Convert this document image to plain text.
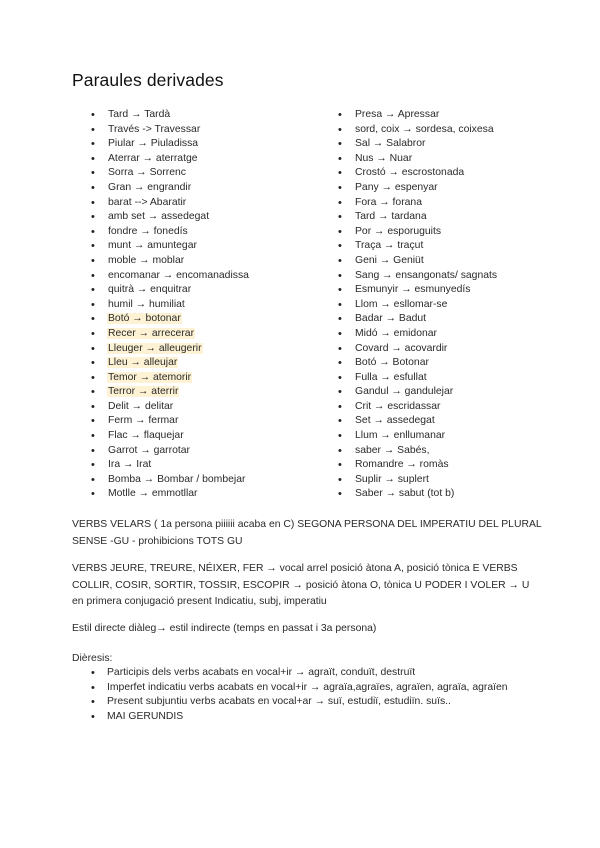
Paraules derivades
• Tard → Tardà
• Través -> Travessar
• Piular → Piuladissa
• Aterrar → aterratge
• Sorra → Sorrenc
• Gran → engrandir
• barat --> Abaratir
• amb set → assedegat
• fondre → fonedís
• munt → amuntegar
• moble → moblar
• encomanar → encomanadissa
• quitrà → enquitrar
• humil → humiliat
• Botó → botonar
• Recer → arrecerar
• Lleuger → alleugerir
• Lleu → alleujar
• Temor → atemorir
• Terror → aterrir
• Delit → delitar
• Ferm → fermar
• Flac → flaquejar
• Garrot → garrotar
• Ira → Irat
• Bomba → Bombar / bombejar
• Motlle → emmotllar
• Presa → Apressar
• sord, coix → sordesa, coixesa
• Sal → Salabror
• Nus → Nuar
• Crostó → escrostonada
• Pany → espenyar
• Fora → forana
• Tard → tardana
• Por → esporuguits
• Traça → traçut
• Geni → Geniüt
• Sang → ensangonats/ sagnats
• Esmunyir → esmunyedís
• Llom → esllomar-se
• Badar → Badut
• Midó → emidonar
• Covard → acovardir
• Botó → Botonar
• Fulla → esfullat
• Gandul → gandulejar
• Crit → escridassar
• Set → assedegat
• Llum → enllumanar
• saber → Sabés,
• Romandre → romàs
• Suplir → suplert
• Saber → sabut (tot b)

VERBS VELARS ( 1a persona piiiiii acaba en C) SEGONA PERSONA DEL IMPERATIU DEL PLURAL SENSE -GU - prohibicions TOTS GU

VERBS JEURE, TREURE, NÉIXER, FER → vocal arrel posició àtona A, posició tònica E VERBS COLLIR, COSIR, SORTIR, TOSSIR, ESCOPIR → posició àtona O, tònica U PODER I VOLER → U en primera conjugació present Indicatiu, subj, imperatiu

Estil directe diàleg→ estil indirecte (temps en passat i 3a persona)

Dièresis:

• Participis dels verbs acabats en vocal+ir → agraït, conduït, destruït
• Imperfet indicatiu verbs acabats en vocal+ir → agraïa,agraïes, agraïen, agraïa, agraïen
• Present subjuntiu verbs acabats en vocal+ar → suï, estudiï, estudiïn. suïs..
• MAI GERUNDIS
